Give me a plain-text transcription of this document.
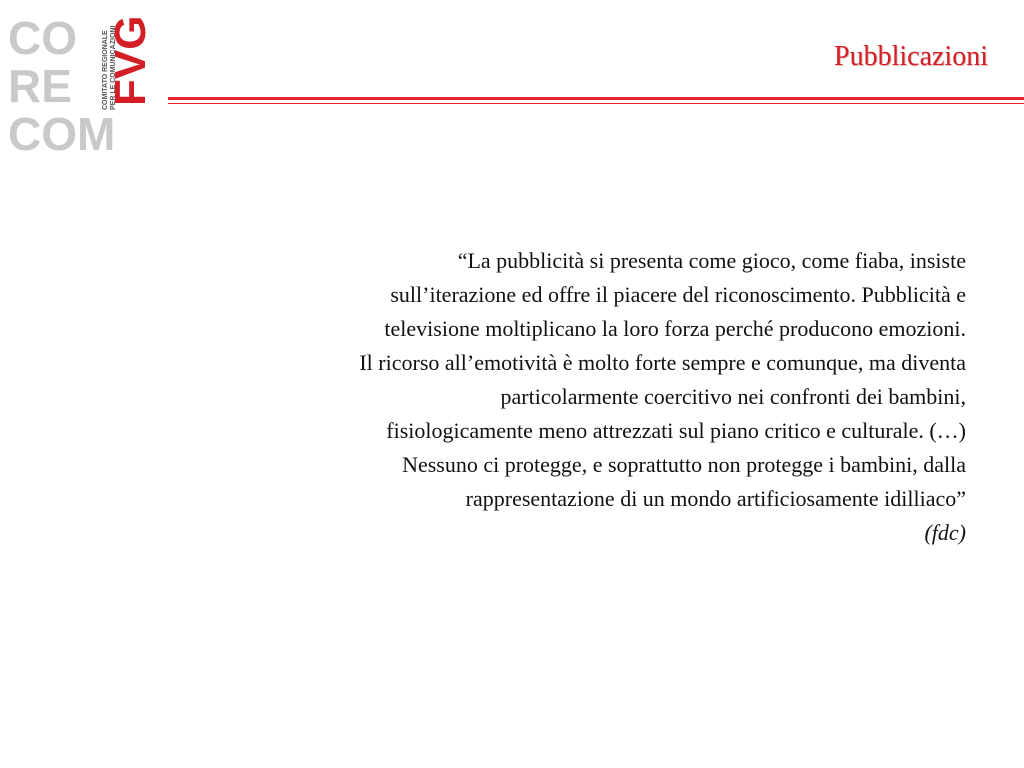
CO
RE
COM
FVG
COMITATO REGIONALE PER LE COMUNICAZIONI	Pubblicazioni
“La pubblicità si presenta come gioco, come fiaba, insiste
sull’iterazione ed offre il piacere del riconoscimento. Pubblicità e
televisione moltiplicano la loro forza perché producono emozioni.
Il ricorso all’emotività è molto forte sempre e comunque, ma diventa
particolarmente coercitivo nei confronti dei bambini,
fisiologicamente meno attrezzati sul piano critico e culturale. (…)
Nessuno ci protegge, e soprattutto non protegge i bambini, dalla
rappresentazione di un mondo artificiosamente idilliaco”
(fdc)
